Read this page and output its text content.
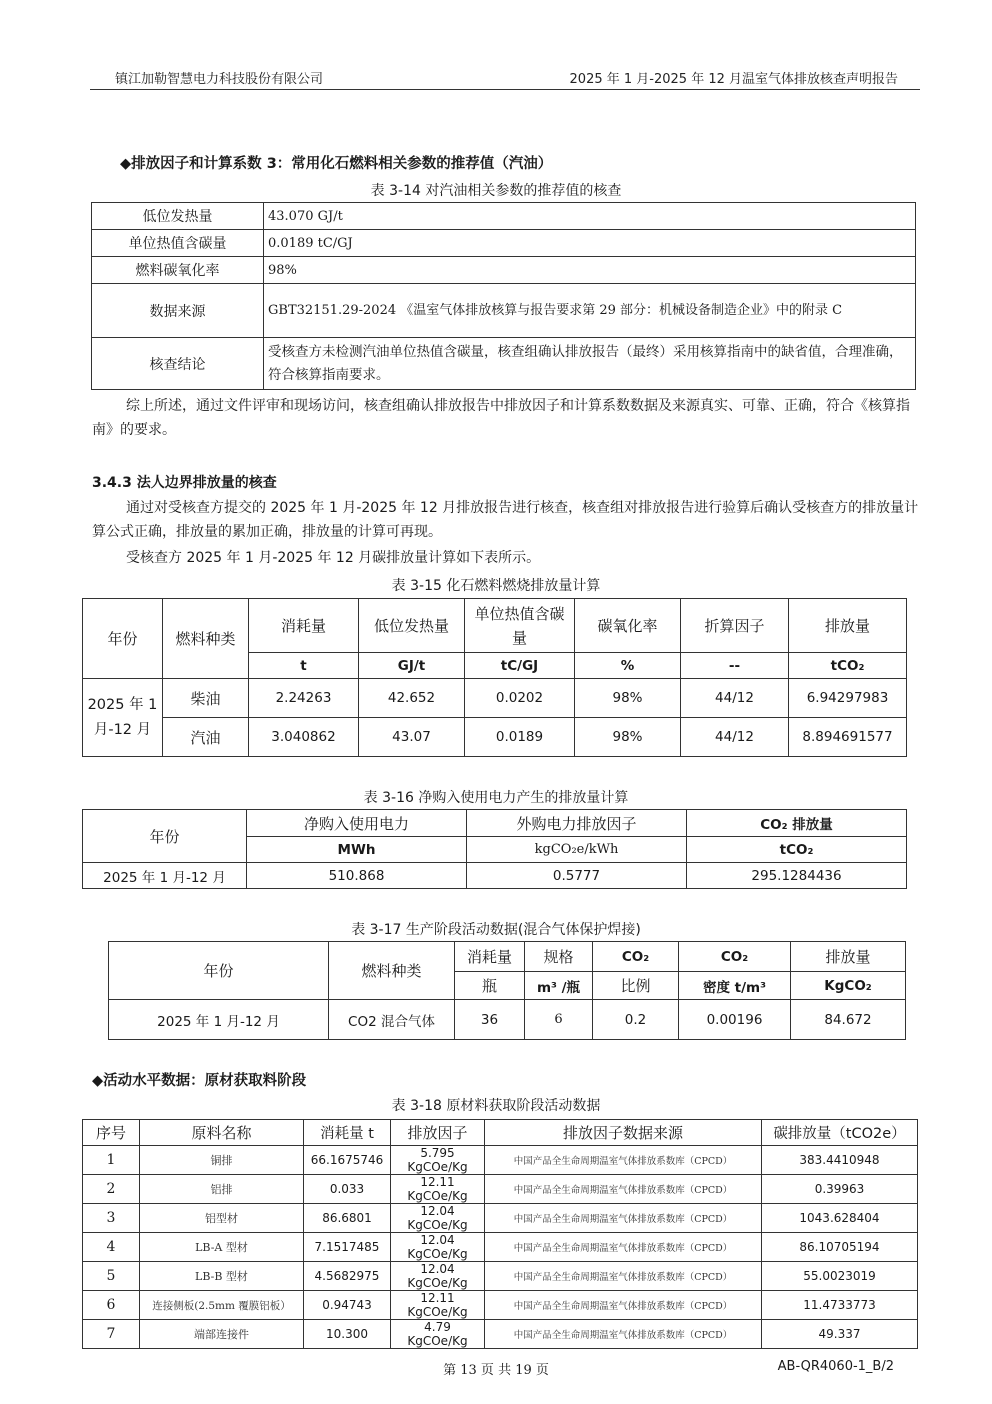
镇江加勒智慧电力科技股份有限公司	2025 年 1 月-2025 年 12 月温室气体排放核查声明报告
◆排放因子和计算系数 3：常用化石燃料相关参数的推荐值（汽油）
表 3-14 对汽油相关参数的推荐值的核查
低位发热量	43.070 GJ/t
单位热值含碳量	0.0189 tC/GJ
燃料碳氧化率	98%
数据来源	GBT32151.29-2024 《温室气体排放核算与报告要求第 29 部分：机械设备制造企业》中的附录 C
核查结论	受核查方未检测汽油单位热值含碳量，核查组确认排放报告（最终）采用核算指南中的缺省值，合理准确，符合核算指南要求。
综上所述，通过文件评审和现场访问，核查组确认排放报告中排放因子和计算系数数据及来源真实、可靠、正确，符合《核算指南》的要求。
3.4.3 法人边界排放量的核查
通过对受核查方提交的 2025 年 1 月-2025 年 12 月排放报告进行核查，核查组对排放报告进行验算后确认受核查方的排放量计算公式正确，排放量的累加正确，排放量的计算可再现。
受核查方 2025 年 1 月-2025 年 12 月碳排放量计算如下表所示。
表 3-15 化石燃料燃烧排放量计算
年份	燃料种类	消耗量	低位发热量	单位热值含碳量	碳氧化率	折算因子	排放量
		t	GJ/t	tC/GJ	%	--	tCO₂
2025 年 1 月-12 月	柴油	2.24263	42.652	0.0202	98%	44/12	6.94297983
	汽油	3.040862	43.07	0.0189	98%	44/12	8.894691577
表 3-16 净购入使用电力产生的排放量计算
年份	净购入使用电力	外购电力排放因子	CO₂ 排放量
	MWh	kgCO₂e/kWh	tCO₂
2025 年 1 月-12 月	510.868	0.5777	295.1284436
表 3-17 生产阶段活动数据(混合气体保护焊接)
年份	燃料种类	消耗量	规格	CO₂	CO₂	排放量
		瓶	m³ /瓶	比例	密度 t/m³	KgCO₂
2025 年 1 月-12 月	CO2 混合气体	36	6	0.2	0.00196	84.672
◆活动水平数据：原材获取料阶段
表 3-18 原材料获取阶段活动数据
序号	原料名称	消耗量 t	排放因子	排放因子数据来源	碳排放量（tCO2e）
1	铜排	66.1675746	5.795 KgCOe/Kg	中国产品全生命周期温室气体排放系数库（CPCD）	383.4410948
2	铝排	0.033	12.11 KgCOe/Kg	中国产品全生命周期温室气体排放系数库（CPCD）	0.39963
3	铝型材	86.6801	12.04 KgCOe/Kg	中国产品全生命周期温室气体排放系数库（CPCD）	1043.628404
4	LB-A 型材	7.1517485	12.04 KgCOe/Kg	中国产品全生命周期温室气体排放系数库（CPCD）	86.10705194
5	LB-B 型材	4.5682975	12.04 KgCOe/Kg	中国产品全生命周期温室气体排放系数库（CPCD）	55.0023019
6	连接侧板(2.5mm 覆膜铝板）	0.94743	12.11 KgCOe/Kg	中国产品全生命周期温室气体排放系数库（CPCD）	11.4733773
7	端部连接件	10.300	4.79 KgCOe/Kg	中国产品全生命周期温室气体排放系数库（CPCD）	49.337
第 13 页 共 19 页	AB-QR4060-1_B/2
